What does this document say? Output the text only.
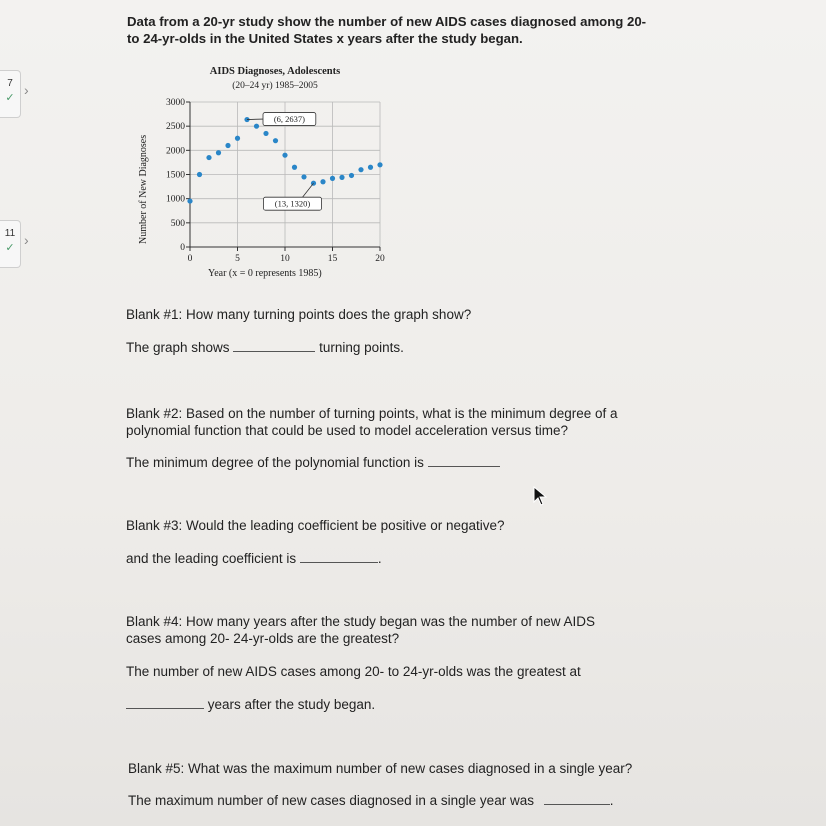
7
✓ ›
11
✓ ›
Data from a 20-yr study show the number of new AIDS cases diagnosed among 20-
to 24-yr-olds in the United States x years after the study began.
AIDS Diagnoses, Adolescents
(20–24 yr) 1985–2005
Number of New Diagnoses
Year (x = 0 represents 1985)
0
500
1000
1500
2000
2500
3000
0	5	10	15	20
(6, 2637)
(13, 1320)
Blank #1: How many turning points does the graph show?
The graph shows	turning points.
Blank #2: Based on the number of turning points, what is the minimum degree of a
polynomial function that could be used to model acceleration versus time?
The minimum degree of the polynomial function is
Blank #3: Would the leading coefficient be positive or negative?
and the leading coefficient is	.
Blank #4: How many years after the study began was the number of new AIDS
cases among 20- 24-yr-olds are the greatest?
The number of new AIDS cases among 20- to 24-yr-olds was the greatest at
years after the study began.
Blank #5: What was the maximum number of new cases diagnosed in a single year?
The maximum number of new cases diagnosed in a single year was	.
